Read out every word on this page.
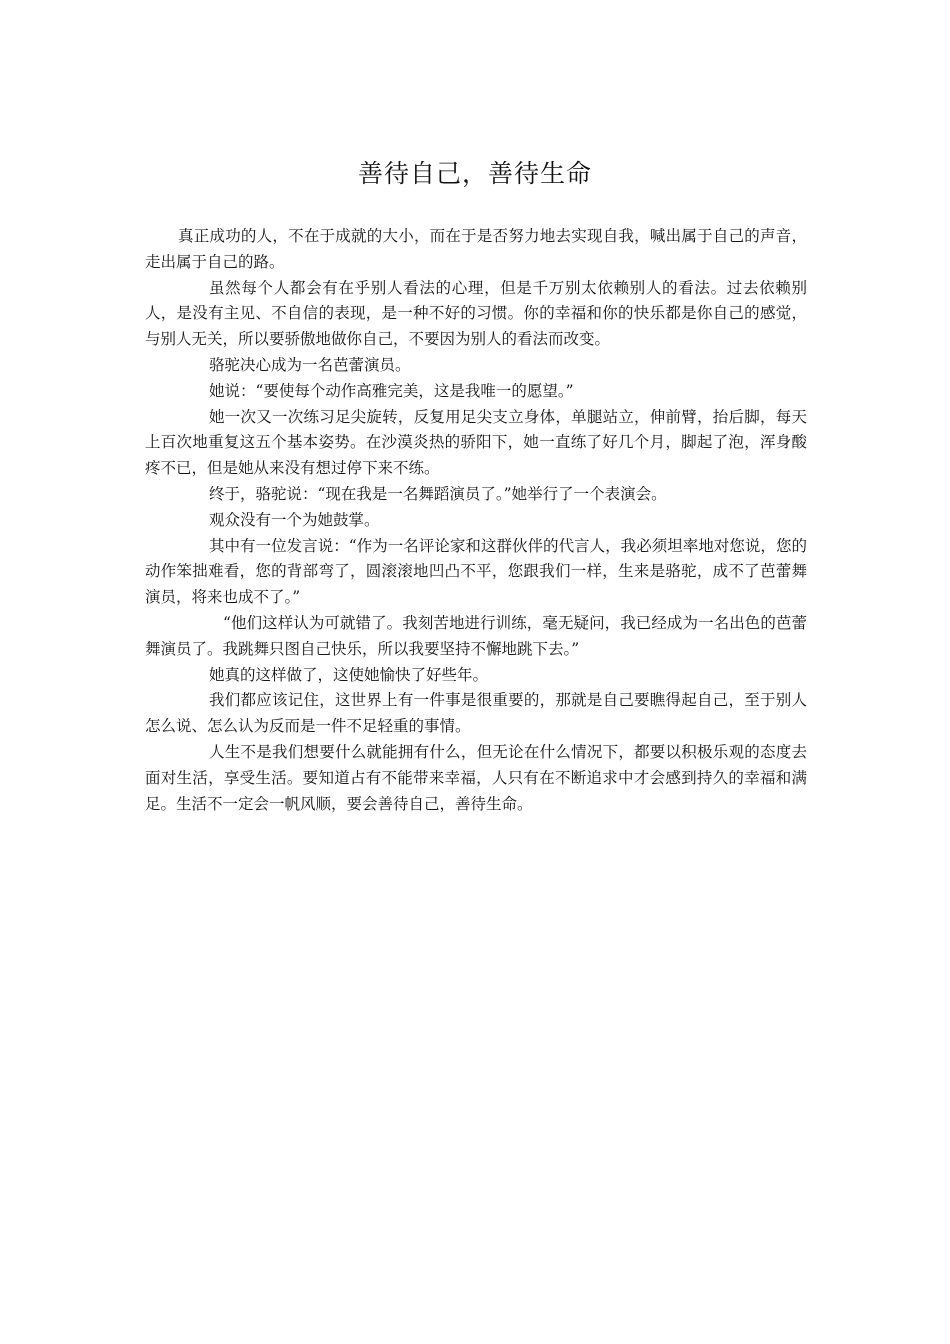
善待自己，善待生命

真正成功的人，不在于成就的大小，而在于是否努力地去实现自我，喊出属于自己的声音，走出属于自己的路。

虽然每个人都会有在乎别人看法的心理，但是千万别太依赖别人的看法。过去依赖别人，是没有主见、不自信的表现，是一种不好的习惯。你的幸福和你的快乐都是你自己的感觉，与别人无关，所以要骄傲地做你自己，不要因为别人的看法而改变。

骆驼决心成为一名芭蕾演员。

她说：“要使每个动作高雅完美，这是我唯一的愿望。”

她一次又一次练习足尖旋转，反复用足尖支立身体，单腿站立，伸前臂，抬后脚，每天上百次地重复这五个基本姿势。在沙漠炎热的骄阳下，她一直练了好几个月，脚起了泡，浑身酸疼不已，但是她从来没有想过停下来不练。

终于，骆驼说：“现在我是一名舞蹈演员了。”她举行了一个表演会。

观众没有一个为她鼓掌。

其中有一位发言说：“作为一名评论家和这群伙伴的代言人，我必须坦率地对您说，您的动作笨拙难看，您的背部弯了，圆滚滚地凹凸不平，您跟我们一样，生来是骆驼，成不了芭蕾舞演员，将来也成不了。”

“他们这样认为可就错了。我刻苦地进行训练，毫无疑问，我已经成为一名出色的芭蕾舞演员了。我跳舞只图自己快乐，所以我要坚持不懈地跳下去。”

她真的这样做了，这使她愉快了好些年。

我们都应该记住，这世界上有一件事是很重要的，那就是自己要瞧得起自己，至于别人怎么说、怎么认为反而是一件不足轻重的事情。

人生不是我们想要什么就能拥有什么，但无论在什么情况下，都要以积极乐观的态度去面对生活，享受生活。要知道占有不能带来幸福，人只有在不断追求中才会感到持久的幸福和满足。生活不一定会一帆风顺，要会善待自己，善待生命。
